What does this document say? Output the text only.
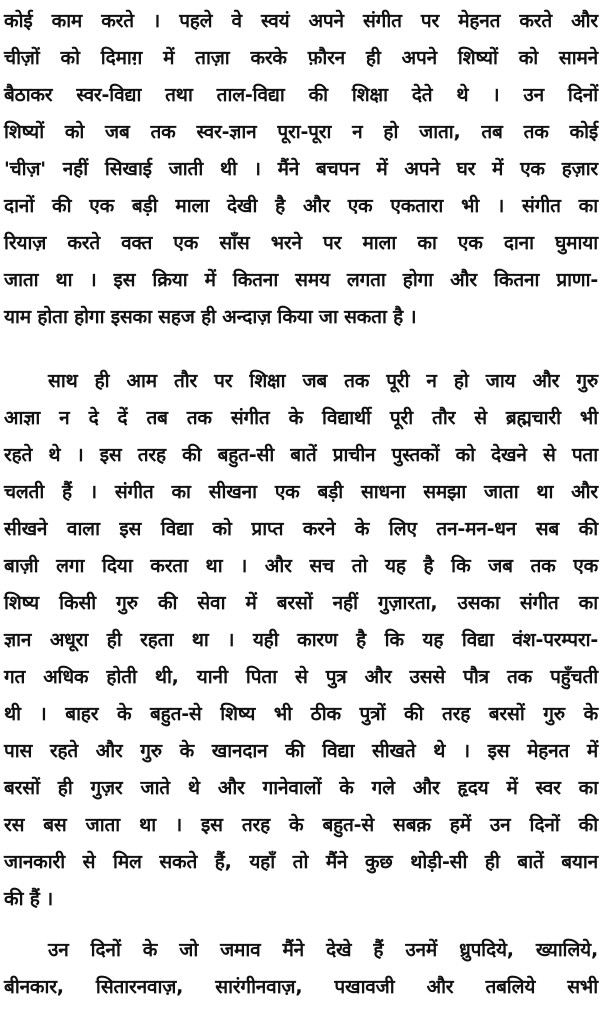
कोई काम करते । पहले वे स्वयं अपने संगीत पर मेहनत करते और
चीज़ों को दिमाग़ में ताज़ा करके फ़ौरन ही अपने शिष्यों को सामने
बैठाकर स्वर-विद्या तथा ताल-विद्या की शिक्षा देते थे । उन दिनों
शिष्यों को जब तक स्वर-ज्ञान पूरा-पूरा न हो जाता, तब तक कोई
'चीज़' नहीं सिखाई जाती थी । मैंने बचपन में अपने घर में एक हज़ार
दानों की एक बड़ी माला देखी है और एक एकतारा भी । संगीत का
रियाज़ करते वक्त एक साँस भरने पर माला का एक दाना घुमाया
जाता था । इस क्रिया में कितना समय लगता होगा और कितना प्राणा-
याम होता होगा इसका सहज ही अन्दाज़ किया जा सकता है ।
साथ ही आम तौर पर शिक्षा जब तक पूरी न हो जाय और गुरु
आज्ञा न दे दें तब तक संगीत के विद्यार्थी पूरी तौर से ब्रह्मचारी भी
रहते थे । इस तरह की बहुत-सी बातें प्राचीन पुस्तकों को देखने से पता
चलती हैं । संगीत का सीखना एक बड़ी साधना समझा जाता था और
सीखने वाला इस विद्या को प्राप्त करने के लिए तन-मन-धन सब की
बाज़ी लगा दिया करता था । और सच तो यह है कि जब तक एक
शिष्य किसी गुरु की सेवा में बरसों नहीं गुज़ारता, उसका संगीत का
ज्ञान अधूरा ही रहता था । यही कारण है कि यह विद्या वंश-परम्परा-
गत अधिक होती थी, यानी पिता से पुत्र और उससे पौत्र तक पहुँचती
थी । बाहर के बहुत-से शिष्य भी ठीक पुत्रों की तरह बरसों गुरु के
पास रहते और गुरु के खानदान की विद्या सीखते थे । इस मेहनत में
बरसों ही गुज़र जाते थे और गानेवालों के गले और हृदय में स्वर का
रस बस जाता था । इस तरह के बहुत-से सबक़ हमें उन दिनों की
जानकारी से मिल सकते हैं, यहाँ तो मैंने कुछ थोड़ी-सी ही बातें बयान
की हैं ।
उन दिनों के जो जमाव मैंने देखे हैं उनमें ध्रुपदिये, ख्यालिये,
बीनकार, सितारनवाज़, सारंगीनवाज़, पखावजी और तबलिये सभी
